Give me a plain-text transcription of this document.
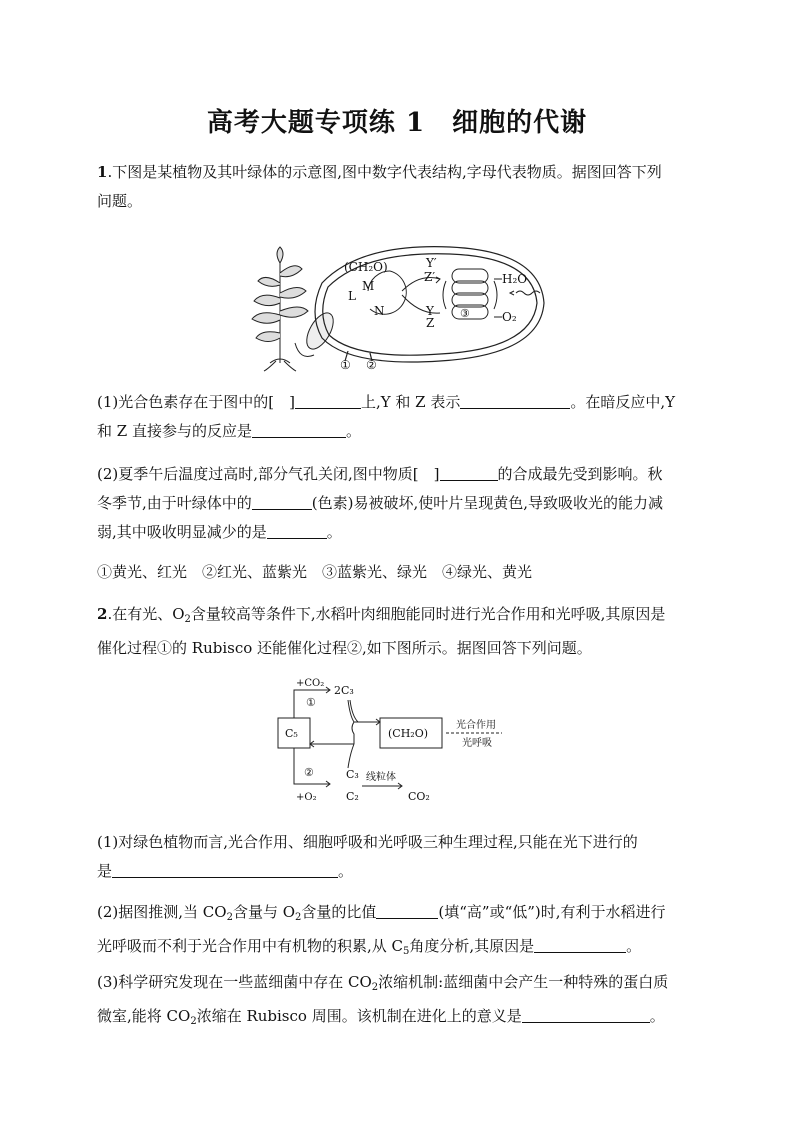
高考大题专项练 1　细胞的代谢
1.下图是某植物及其叶绿体的示意图,图中数字代表结构,字母代表物质。据图回答下列
问题。
(CH₂O)
M
L
N
Y′
Z′
Y
Z
③
H₂O
O₂
① ②
(1)光合色素存在于图中的[　]	上,Y 和 Z 表示	。在暗反应中,Y
和 Z 直接参与的反应是	。
(2)夏季午后温度过高时,部分气孔关闭,图中物质[　]	的合成最先受到影响。秋
冬季节,由于叶绿体中的	(色素)易被破坏,使叶片呈现黄色,导致吸收光的能力减
弱,其中吸收明显减少的是	。
①黄光、红光　②红光、蓝紫光　③蓝紫光、绿光　④绿光、黄光
2.在有光、$O_2$含量较高等条件下,水稻叶肉细胞能同时进行光合作用和光呼吸,其原因是
催化过程①的 Rubisco 还能催化过程②,如下图所示。据图回答下列问题。
+CO₂
2C₃
①
C₅	(CH₂O)
光合作用
光呼吸
②	C₃
+O₂	C₂
线粒体
CO₂
(1)对绿色植物而言,光合作用、细胞呼吸和光呼吸三种生理过程,只能在光下进行的
是	。
(2)据图推测,当 $CO_2$含量与 $O_2$含量的比值	(填“高”或“低”)时,有利于水稻进行
光呼吸而不利于光合作用中有机物的积累,从 $C_5$角度分析,其原因是	。
(3)科学研究发现在一些蓝细菌中存在 $CO_2$浓缩机制:蓝细菌中会产生一种特殊的蛋白质
微室,能将 $CO_2$浓缩在 Rubisco 周围。该机制在进化上的意义是	。
